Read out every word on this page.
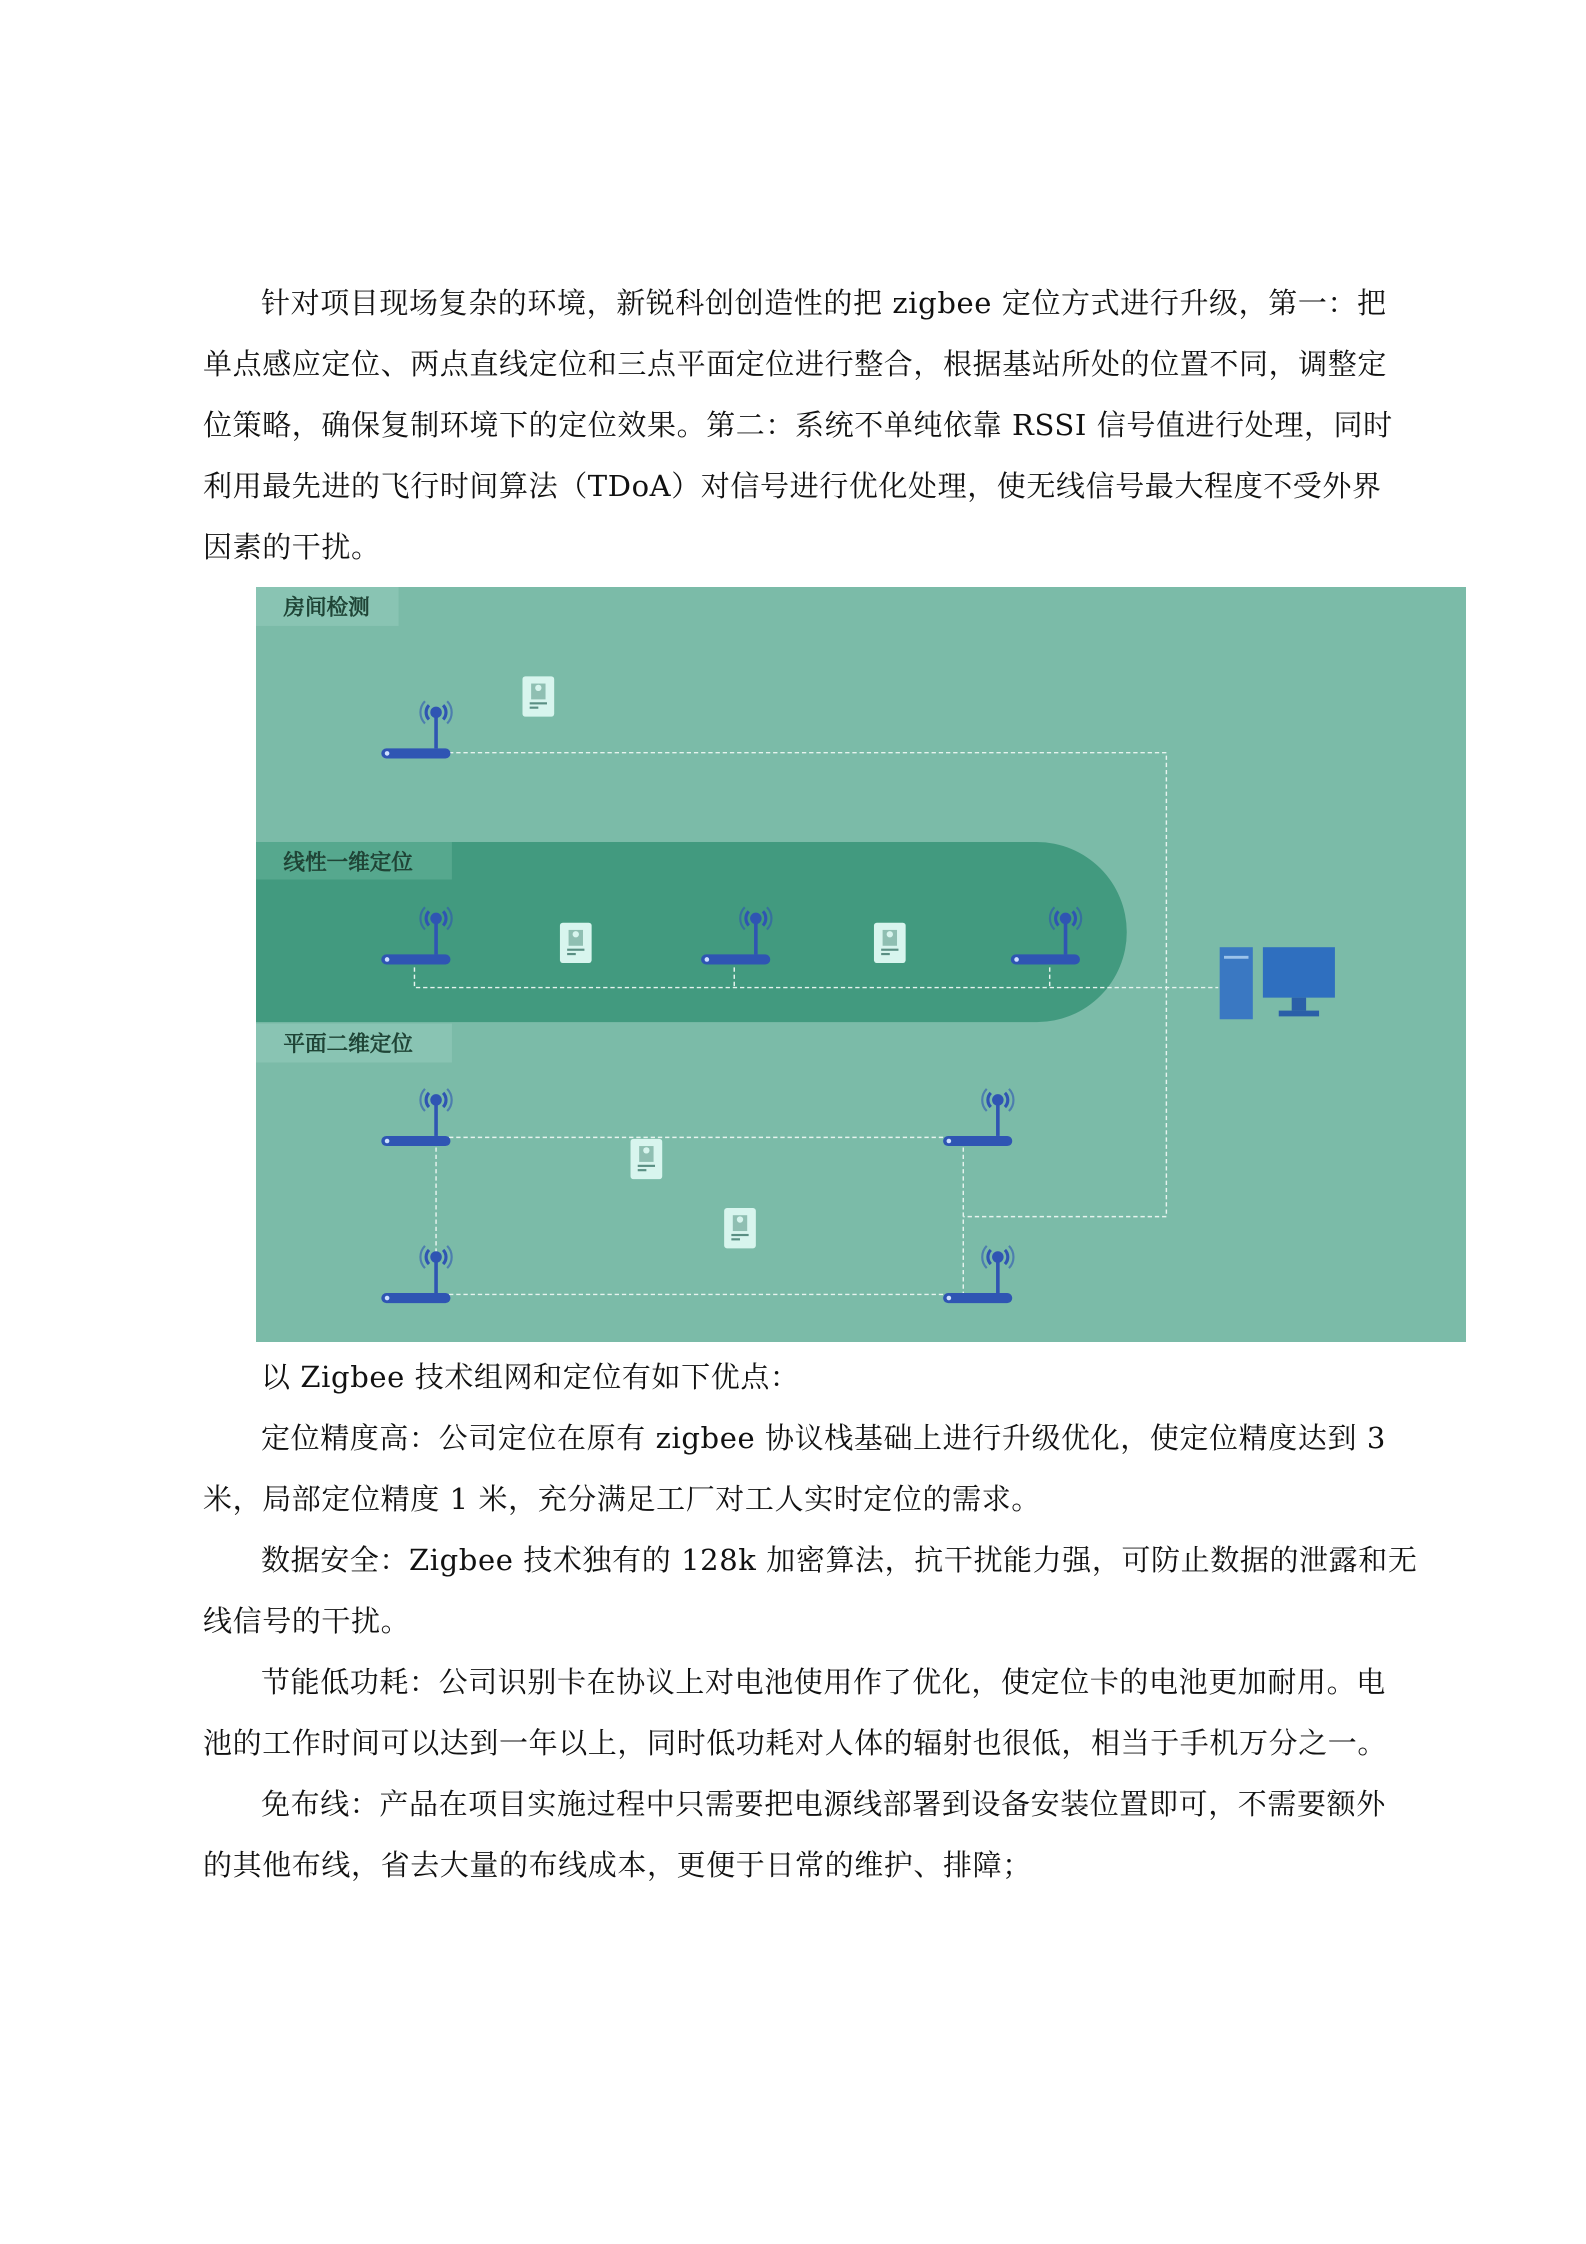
针对项目现场复杂的环境，新锐科创创造性的把 zigbee 定位方式进行升级，第一：把
单点感应定位、两点直线定位和三点平面定位进行整合，根据基站所处的位置不同，调整定
位策略，确保复制环境下的定位效果。第二：系统不单纯依靠 RSSI 信号值进行处理，同时
利用最先进的飞行时间算法（TDoA）对信号进行优化处理，使无线信号最大程度不受外界
因素的干扰。
房间检测
线性一维定位
平面二维定位
以 Zigbee 技术组网和定位有如下优点：
定位精度高：公司定位在原有 zigbee 协议栈基础上进行升级优化，使定位精度达到 3
米，局部定位精度 1 米，充分满足工厂对工人实时定位的需求。
数据安全：Zigbee 技术独有的 128k 加密算法，抗干扰能力强，可防止数据的泄露和无
线信号的干扰。
节能低功耗：公司识别卡在协议上对电池使用作了优化，使定位卡的电池更加耐用。电
池的工作时间可以达到一年以上，同时低功耗对人体的辐射也很低，相当于手机万分之一。
免布线：产品在项目实施过程中只需要把电源线部署到设备安装位置即可，不需要额外
的其他布线，省去大量的布线成本，更便于日常的维护、排障；
